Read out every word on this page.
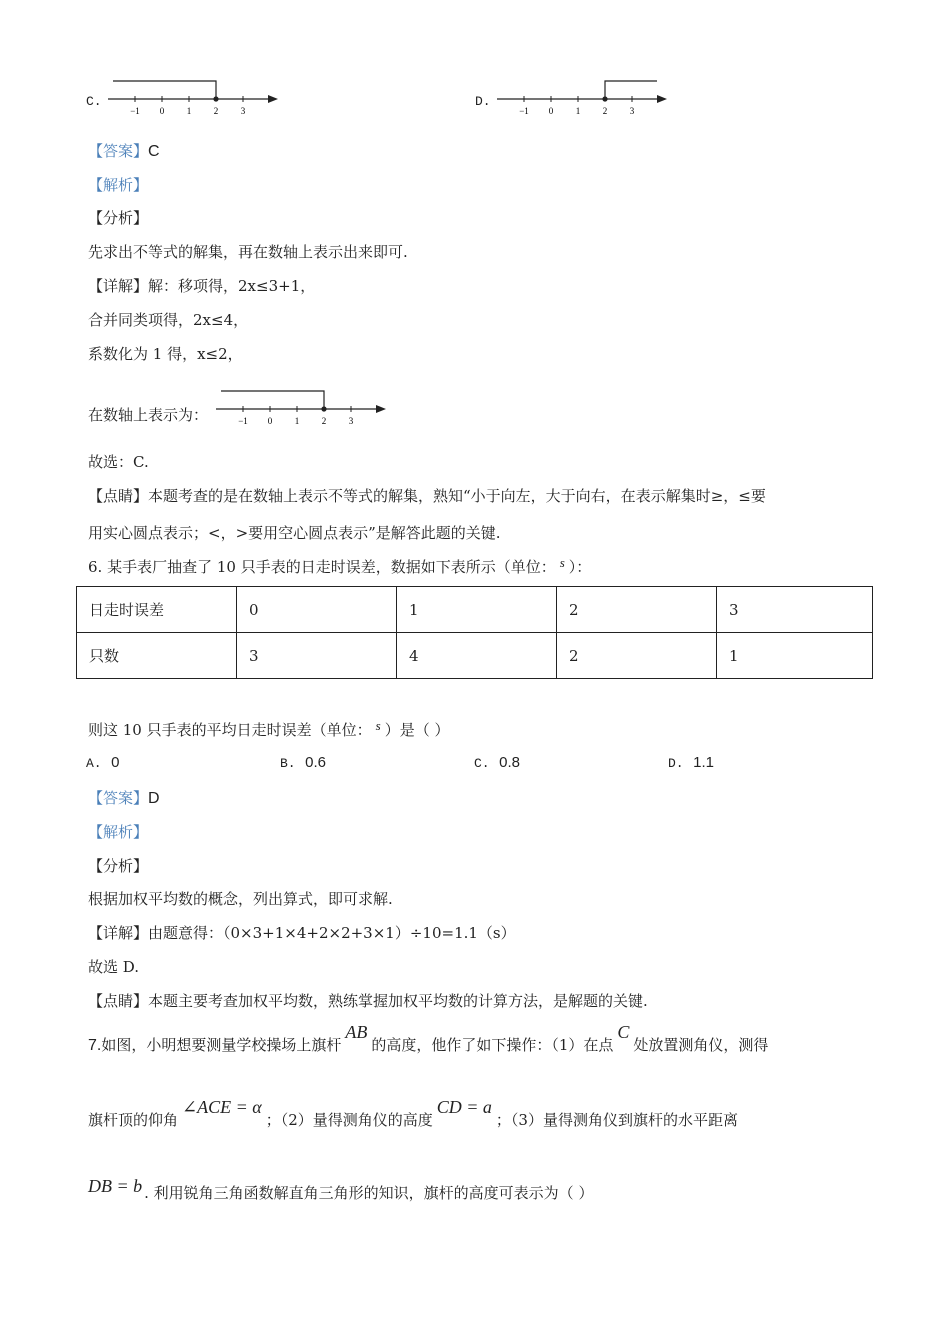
C.
−1 0	1	2	3
D.
−1 0	1	2	3
【答案】C
【解析】
【分析】
先求出不等式的解集，再在数轴上表示出来即可.
【详解】解：移项得，2x≤3+1，
合并同类项得，2x≤4，
系数化为 1 得，x≤2，
在数轴上表示为：	−1 0	1	2	3
故选：C.
【点睛】本题考查的是在数轴上表示不等式的解集，熟知“小于向左，大于向右，在表示解集时≥，≤要
用实心圆点表示；<，>要用空心圆点表示”是解答此题的关键.
6. 某手表厂抽查了 10 只手表的日走时误差，数据如下表所示（单位： s ）：
日走时误差	0	1	2	3
只数	3	4	2	1
则这 10 只手表的平均日走时误差（单位： s ）是（ ）
A. 0	B. 0.6	C. 0.8	D. 1.1
【答案】D
【解析】
【分析】
根据加权平均数的概念，列出算式，即可求解.
【详解】由题意得：（0×3+1×4+2×2+3×1）÷10=1.1（s）
故选 D.
【点睛】本题主要考查加权平均数，熟练掌握加权平均数的计算方法，是解题的关键.
7.如图，小明想要测量学校操场上旗杆AB的高度，他作了如下操作：（1）在点C处放置测角仪，测得
旗杆顶的仰角∠ACE = α；（2）量得测角仪的高度CD = a；（3）量得测角仪到旗杆的水平距离
DB = b . 利用锐角三角函数解直角三角形的知识，旗杆的高度可表示为（ ）
